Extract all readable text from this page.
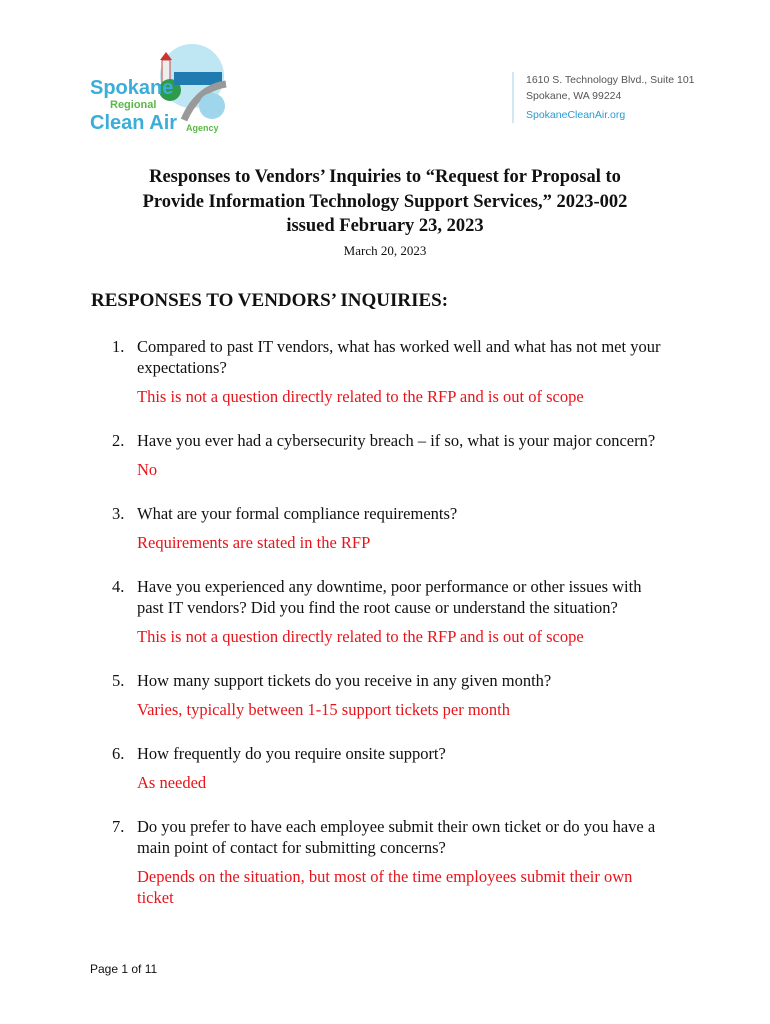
Spokane
Regional
Clean Air Agency
1610 S. Technology Blvd., Suite 101
Spokane, WA 99224
SpokaneCleanAir.org
Responses to Vendors’ Inquiries to “Request for Proposal to
Provide Information Technology Support Services,” 2023-002
issued February 23, 2023
March 20, 2023
RESPONSES TO VENDORS’ INQUIRIES:
1. Compared to past IT vendors, what has worked well and what has not met your expectations?
This is not a question directly related to the RFP and is out of scope
2. Have you ever had a cybersecurity breach – if so, what is your major concern?
No
3. What are your formal compliance requirements?
Requirements are stated in the RFP
4. Have you experienced any downtime, poor performance or other issues with past IT vendors? Did you find the root cause or understand the situation?
This is not a question directly related to the RFP and is out of scope
5. How many support tickets do you receive in any given month?
Varies, typically between 1-15 support tickets per month
6. How frequently do you require onsite support?
As needed
7. Do you prefer to have each employee submit their own ticket or do you have a main point of contact for submitting concerns?
Depends on the situation, but most of the time employees submit their own ticket
Page 1 of 11
